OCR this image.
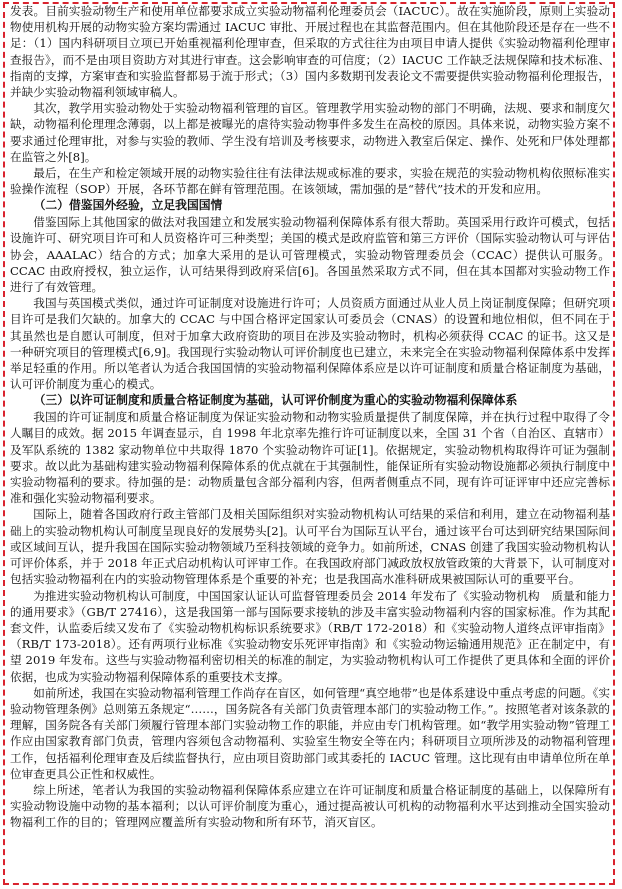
发表。目前实验动物生产和使用单位都要求成立实验动物福利伦理委员会（IACUC）。故在实施阶段，原则上实验动物使用机构开展的动物实验方案均需通过 IACUC 审批、开展过程也在其监督范围内。但在其他阶段还是存在一些不足：（1）国内科研项目立项已开始重视福利伦理审查，但采取的方式往往为由项目申请人提供《实验动物福利伦理审查报告》，而不是由项目资助方对其进行审查。这会影响审查的可信度；（2）IACUC 工作缺乏法规保障和技术标准、指南的支撑，方案审查和实验监督都易于流于形式；（3）国内多数期刊发表论文不需要提供实验动物福利伦理报告，并缺少实验动物福利领域审稿人。

其次，教学用实验动物处于实验动物福利管理的盲区。管理教学用实验动物的部门不明确，法规、要求和制度欠缺，动物福利伦理理念薄弱，以上都是被曝光的虐待实验动物事件多发生在高校的原因。具体来说，动物实验方案不要求通过伦理审批，对参与实验的教师、学生没有培训及考核要求，动物进入教室后保定、操作、处死和尸体处理都在监管之外[8]。

最后，在生产和检定领域开展的动物实验往往有法律法规或标准的要求，实验在规范的实验动物机构依照标准实验操作流程（SOP）开展，各环节都在鲜有管理范围。在该领域，需加强的是“替代”技术的开发和应用。

（二）借鉴国外经验，立足我国国情

借鉴国际上其他国家的做法对我国建立和发展实验动物福利保障体系有很大帮助。英国采用行政许可模式，包括设施许可、研究项目许可和人员资格许可三种类型；美国的模式是政府监管和第三方评价（国际实验动物认可与评估协会，AAALAC）结合的方式；加拿大采用的是认可管理模式，实验动物管理委员会（CCAC）提供认可服务。CCAC 由政府授权，独立运作，认可结果得到政府采信[6]。各国虽然采取方式不同，但在其本国都对实验动物工作进行了有效管理。

我国与英国模式类似，通过许可证制度对设施进行许可；人员资质方面通过从业人员上岗证制度保障；但研究项目许可是我们欠缺的。加拿大的 CCAC 与中国合格评定国家认可委员会（CNAS）的设置和地位相似，但不同在于其虽然也是自愿认可制度，但对于加拿大政府资助的项目在涉及实验动物时，机构必须获得 CCAC 的证书。这又是一种研究项目的管理模式[6,9]。我国现行实验动物认可评价制度也已建立，未来完全在实验动物福利保障体系中发挥举足轻重的作用。所以笔者认为适合我国国情的实验动物福利保障体系应是以许可证制度和质量合格证制度为基础，认可评价制度为重心的模式。

（三）以许可证制度和质量合格证制度为基础，认可评价制度为重心的实验动物福利保障体系

我国的许可证制度和质量合格证制度为保证实验动物和动物实验质量提供了制度保障，并在执行过程中取得了令人瞩目的成效。据 2015 年调查显示，自 1998 年北京率先推行许可证制度以来，全国 31 个省（自治区、直辖市）及军队系统的 1382 家动物单位中共取得 1870 个实验动物许可证[1]。依据规定，实验动物机构取得许可证为强制要求。故以此为基础构建实验动物福利保障体系的优点就在于其强制性，能保证所有实验动物设施都必须执行制度中实验动物福利的要求。待加强的是：动物质量包含部分福利内容，但两者侧重点不同，现有许可证评审中还应完善标准和强化实验动物福利要求。

国际上，随着各国政府行政主管部门及相关国际组织对实验动物机构认可结果的采信和利用，建立在动物福利基础上的实验动物机构认可制度呈现良好的发展势头[2]。认可平台为国际互认平台，通过该平台可达到研究结果国际间或区域间互认，提升我国在国际实验动物领域乃至科技领域的竞争力。如前所述，CNAS 创建了我国实验动物机构认可评价体系，并于 2018 年正式启动机构认可评审工作。在我国政府部门减政放权放管政策的大背景下，认可制度对包括实验动物福利在内的实验动物管理体系是个重要的补充；也是我国高水准科研成果被国际认可的重要平台。

为推进实验动物机构认可制度，中国国家认证认可监督管理委员会 2014 年发布了《实验动物机构　质量和能力的通用要求》（GB/T 27416），这是我国第一部与国际要求接轨的涉及丰富实验动物福利内容的国家标准。作为其配套文件，认监委后续又发布了《实验动物机构标识系统要求》（RB/T 172-2018）和《实验动物人道终点评审指南》（RB/T 173-2018）。还有两项行业标准《实验动物安乐死评审指南》和《实验动物运输通用规范》正在制定中，有望 2019 年发布。这些与实验动物福利密切相关的标准的制定，为实验动物机构认可工作提供了更具体和全面的评价依据，也成为实验动物福利保障体系的重要技术支撑。

如前所述，我国在实验动物福利管理工作尚存在盲区，如何管理“真空地带”也是体系建设中重点考虑的问题。《实验动物管理条例》总则第五条规定“……，国务院各有关部门负责管理本部门的实验动物工作。”。按照笔者对该条款的理解，国务院各有关部门须履行管理本部门实验动物工作的职能，并应由专门机构管理。如“教学用实验动物”管理工作应由国家教育部门负责，管理内容须包含动物福利、实验室生物安全等在内；科研项目立项所涉及的动物福利管理工作，包括福利伦理审查及后续监督执行，应由项目资助部门或其委托的 IACUC 管理。这比现有由申请单位所在单位审查更具公正性和权威性。

综上所述，笔者认为我国的实验动物福利保障体系应建立在许可证制度和质量合格证制度的基础上，以保障所有实验动物设施中动物的基本福利；以认可评价制度为重心，通过提高被认可机构的动物福利水平达到推动全国实验动物福利工作的目的；管理网应覆盖所有实验动物和所有环节，消灭盲区。
